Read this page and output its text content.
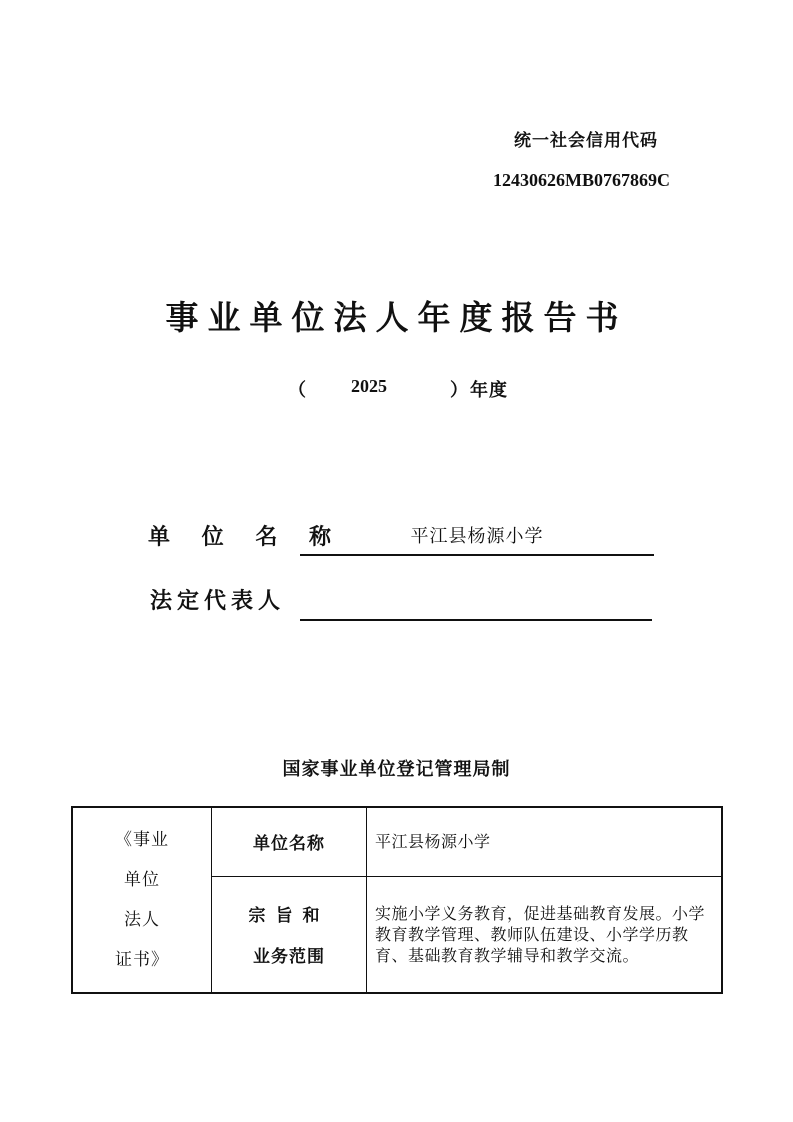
统一社会信用代码
12430626MB0767869C
事业单位法人年度报告书
（	2025	） 年度
单 位 名 称	平江县杨源小学
法定代表人
国家事业单位登记管理局制
《事业
单位
法人
证书》	单位名称	平江县杨源小学

	宗旨和
业务范围	实施小学义务教育，促进基础教育发展。小学教育教学管理、教师队伍建设、小学学历教育、基础教育教学辅导和教学交流。
